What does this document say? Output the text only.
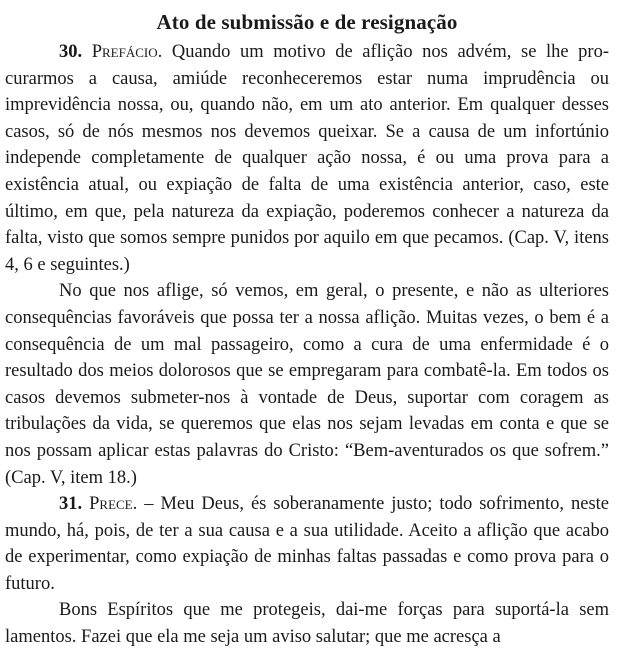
Ato de submissão e de resignação

30. Prefácio. Quando um motivo de aflição nos advém, se lhe procurarmos a causa, amiúde reconheceremos estar numa imprudência ou imprevidência nossa, ou, quando não, em um ato anterior. Em qualquer desses casos, só de nós mesmos nos devemos queixar. Se a causa de um infortúnio independe completamente de qualquer ação nossa, é ou uma prova para a existência atual, ou expiação de falta de uma existência anterior, caso, este último, em que, pela natureza da expiação, poderemos conhecer a natureza da falta, visto que somos sempre punidos por aquilo em que pecamos. (Cap. V, itens 4, 6 e seguintes.)

No que nos aflige, só vemos, em geral, o presente, e não as ulteriores consequências favoráveis que possa ter a nossa aflição. Muitas vezes, o bem é a consequência de um mal passageiro, como a cura de uma enfermidade é o resultado dos meios dolorosos que se empregaram para combatê-la. Em todos os casos devemos submeter-nos à vontade de Deus, suportar com coragem as tribulações da vida, se queremos que elas nos sejam levadas em conta e que se nos possam aplicar estas palavras do Cristo: “Bem-aventurados os que sofrem.” (Cap. V, item 18.)

31. Prece. – Meu Deus, és soberanamente justo; todo sofrimento, neste mundo, há, pois, de ter a sua causa e a sua utilidade. Aceito a aflição que acabo de experimentar, como expiação de minhas faltas passadas e como prova para o futuro.

Bons Espíritos que me protegeis, dai-me forças para suportá-la sem lamentos. Fazei que ela me seja um aviso salutar; que me acresça a
